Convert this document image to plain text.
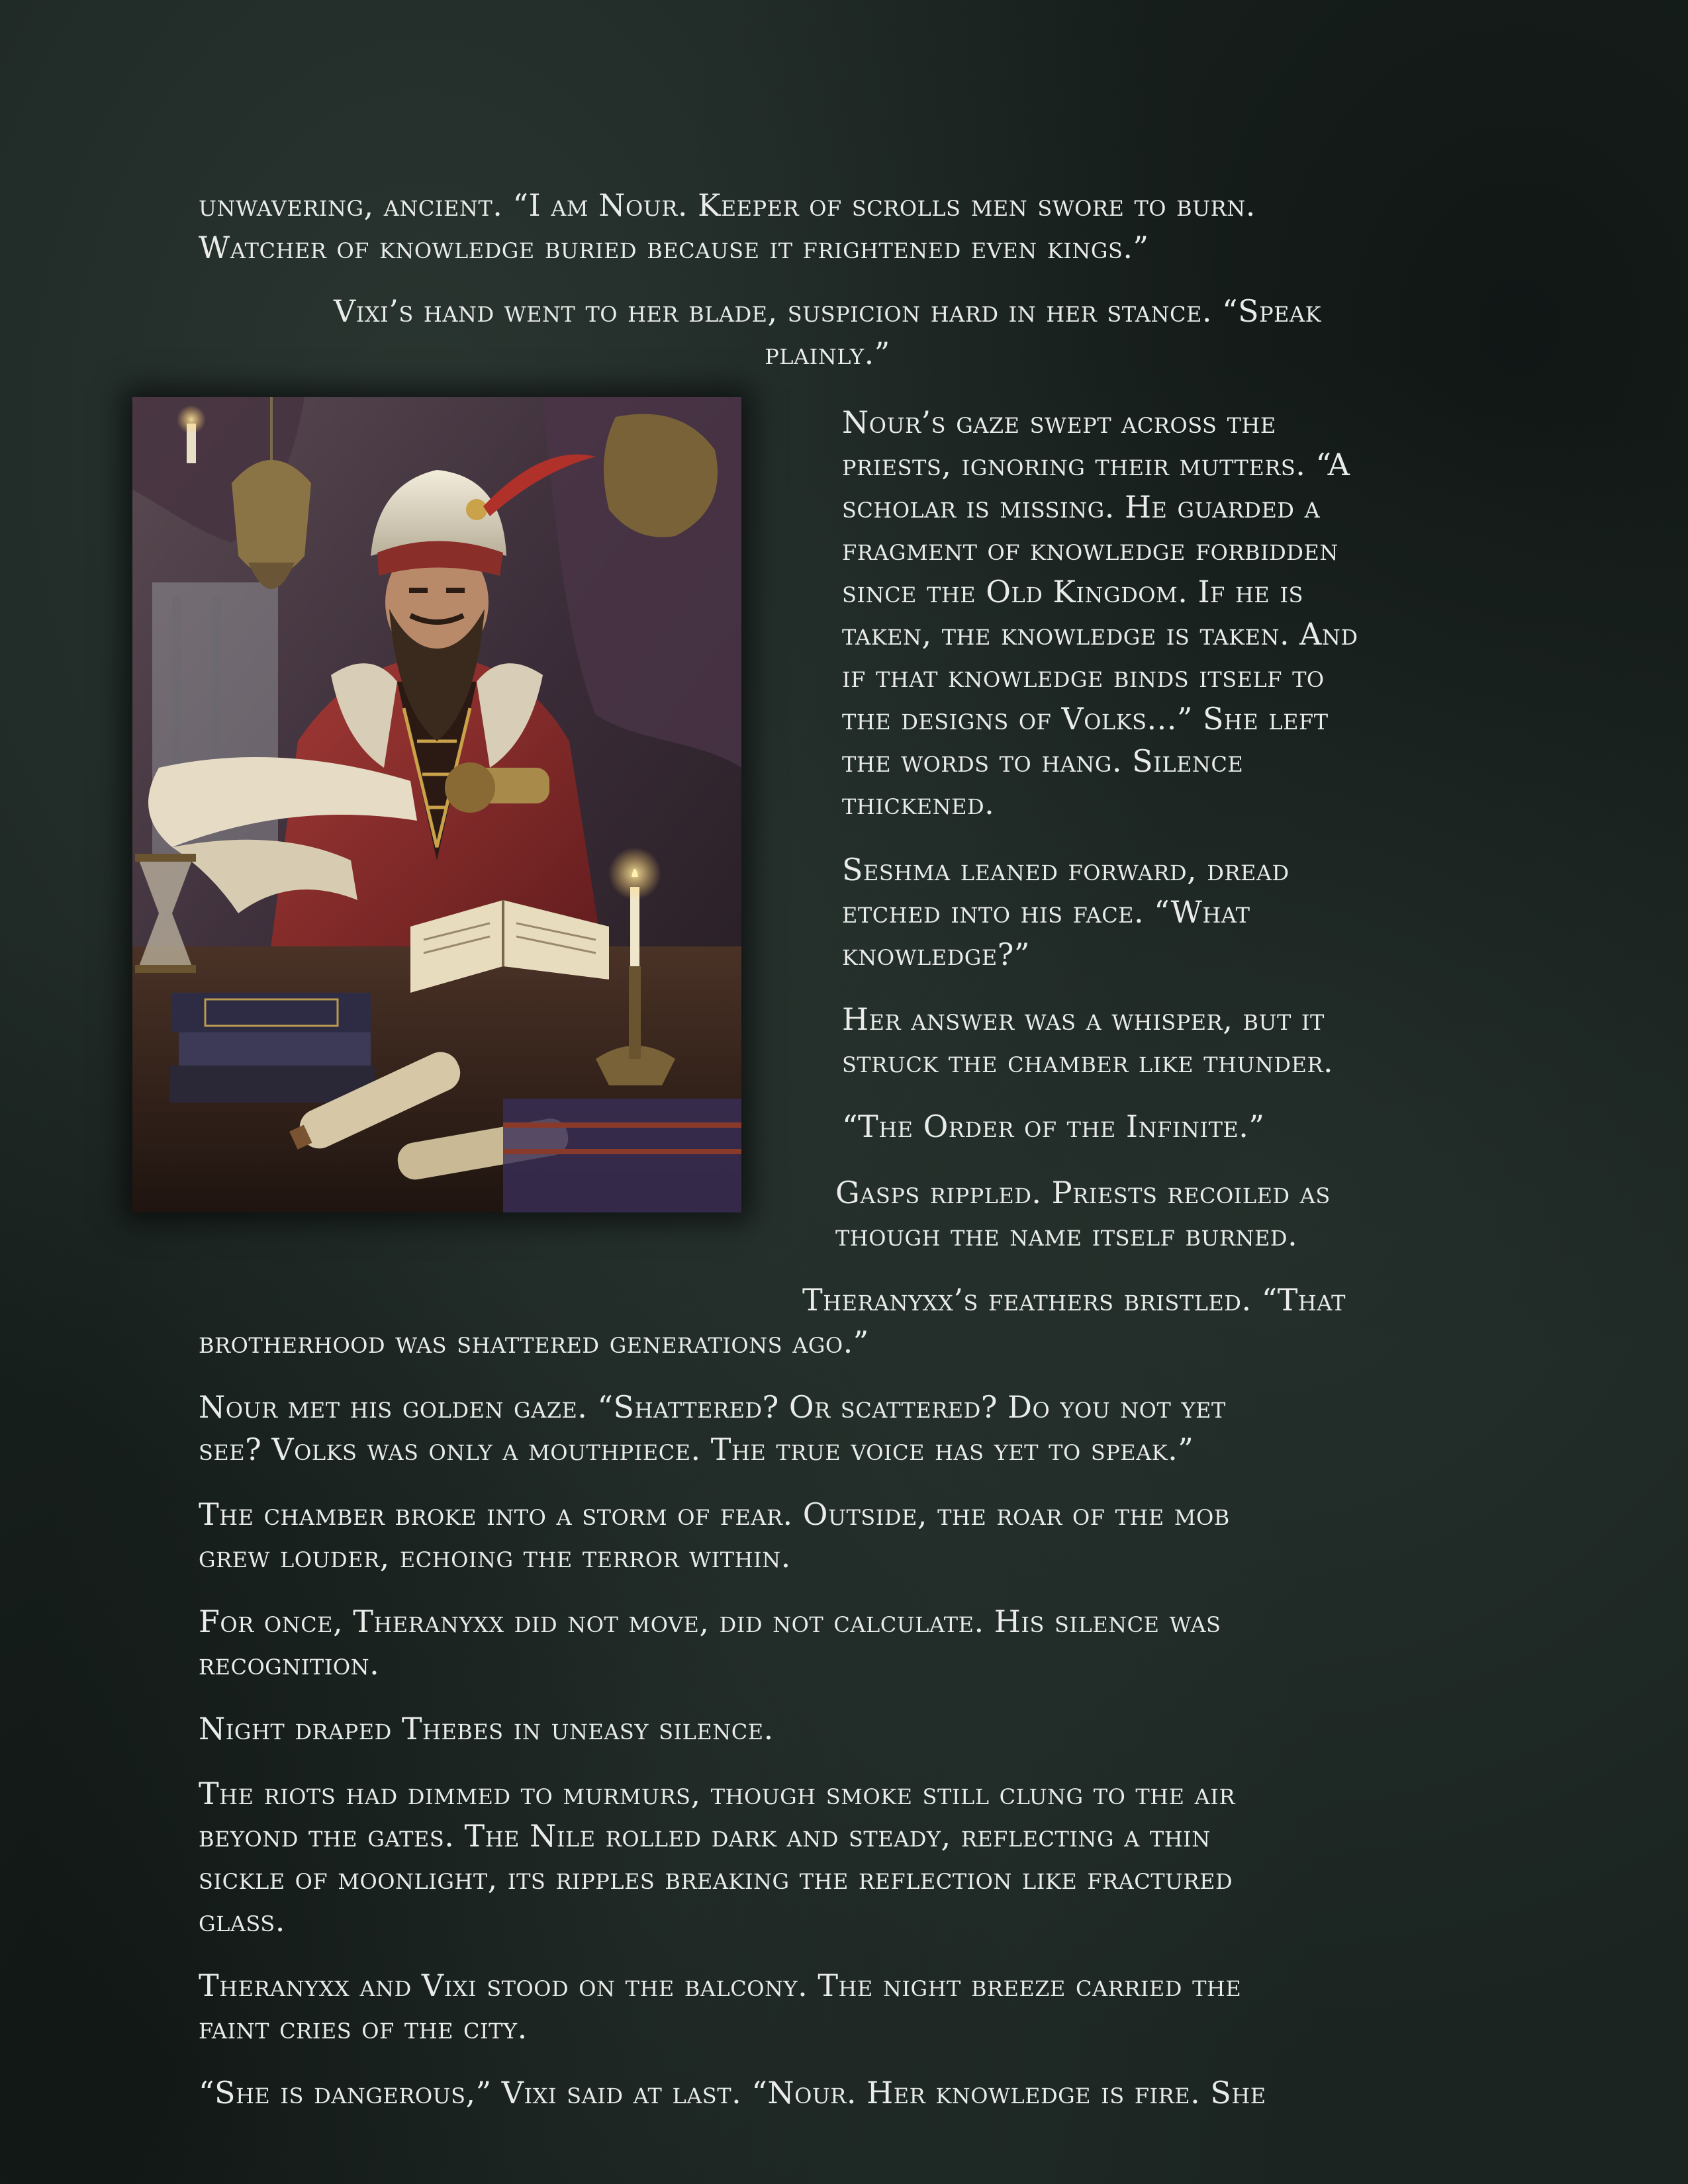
unwavering, ancient. “I am Nour. Keeper of scrolls men swore to burn.
Watcher of knowledge buried because it frightened even kings.”

Vixi’s hand went to her blade, suspicion hard in her stance. “Speak
plainly.”

Nour’s gaze swept across the
priests, ignoring their mutters. “A
scholar is missing. He guarded a
fragment of knowledge forbidden
since the Old Kingdom. If he is
taken, the knowledge is taken. And
if that knowledge binds itself to
the designs of Volks...” She left
the words to hang. Silence
thickened.

Seshma leaned forward, dread
etched into his face. “What
knowledge?”

Her answer was a whisper, but it
struck the chamber like thunder.

“The Order of the Infinite.”

Gasps rippled. Priests recoiled as
though the name itself burned.

Theranyxx’s feathers bristled. “That
brotherhood was shattered generations ago.”

Nour met his golden gaze. “Shattered? Or scattered? Do you not yet
see? Volks was only a mouthpiece. The true voice has yet to speak.”

The chamber broke into a storm of fear. Outside, the roar of the mob
grew louder, echoing the terror within.

For once, Theranyxx did not move, did not calculate. His silence was
recognition.

Night draped Thebes in uneasy silence.

The riots had dimmed to murmurs, though smoke still clung to the air
beyond the gates. The Nile rolled dark and steady, reflecting a thin
sickle of moonlight, its ripples breaking the reflection like fractured
glass.

Theranyxx and Vixi stood on the balcony. The night breeze carried the
faint cries of the city.

“She is dangerous,” Vixi said at last. “Nour. Her knowledge is fire. She
